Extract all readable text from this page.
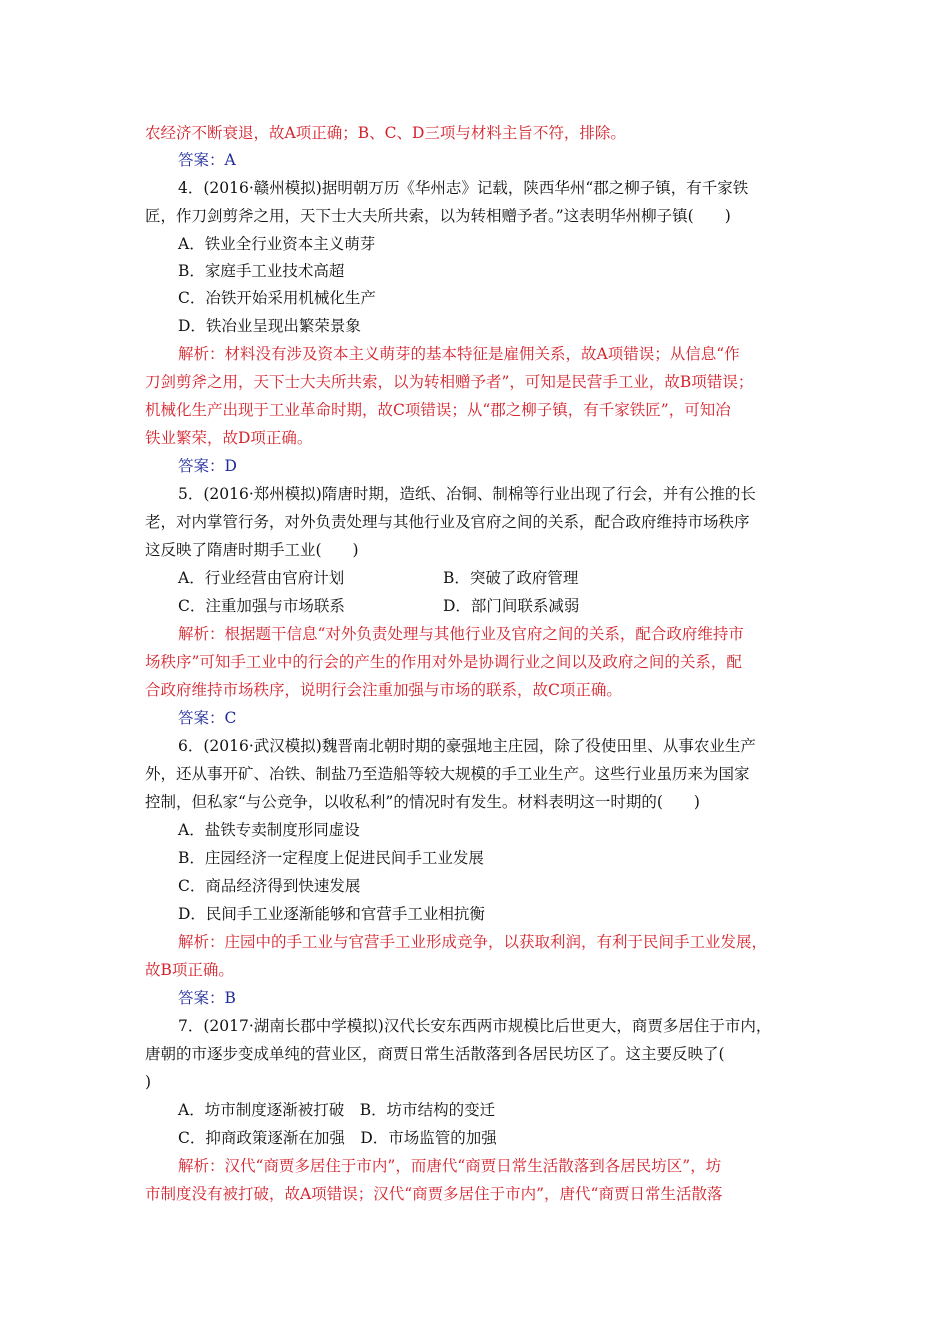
农经济不断衰退，故A项正确；B、C、D三项与材料主旨不符，排除。
答案：A
4．(2016·赣州模拟)据明朝万历《华州志》记载，陕西华州“郡之柳子镇，有千家铁
匠，作刀剑剪斧之用，天下士大夫所共索，以为转相赠予者。”这表明华州柳子镇(　　)
A．铁业全行业资本主义萌芽
B．家庭手工业技术高超
C．冶铁开始采用机械化生产
D．铁冶业呈现出繁荣景象
解析：材料没有涉及资本主义萌芽的基本特征是雇佣关系，故A项错误；从信息“作
刀剑剪斧之用，天下士大夫所共索，以为转相赠予者”，可知是民营手工业，故B项错误；
机械化生产出现于工业革命时期，故C项错误；从“郡之柳子镇，有千家铁匠”，可知冶
铁业繁荣，故D项正确。
答案：D
5．(2016·郑州模拟)隋唐时期，造纸、冶铜、制棉等行业出现了行会，并有公推的长
老，对内掌管行务，对外负责处理与其他行业及官府之间的关系，配合政府维持市场秩序
这反映了隋唐时期手工业(　　)
A．行业经营由官府计划	B．突破了政府管理
C．注重加强与市场联系	D．部门间联系减弱
解析：根据题干信息“对外负责处理与其他行业及官府之间的关系，配合政府维持市
场秩序”可知手工业中的行会的产生的作用对外是协调行业之间以及政府之间的关系，配
合政府维持市场秩序，说明行会注重加强与市场的联系，故C项正确。
答案：C
6．(2016·武汉模拟)魏晋南北朝时期的豪强地主庄园，除了役使田里、从事农业生产
外，还从事开矿、冶铁、制盐乃至造船等较大规模的手工业生产。这些行业虽历来为国家
控制，但私家“与公竞争，以收私利”的情况时有发生。材料表明这一时期的(　　)
A．盐铁专卖制度形同虚设
B．庄园经济一定程度上促进民间手工业发展
C．商品经济得到快速发展
D．民间手工业逐渐能够和官营手工业相抗衡
解析：庄园中的手工业与官营手工业形成竞争，以获取利润，有利于民间手工业发展，
故B项正确。
答案：B
7．(2017·湖南长郡中学模拟)汉代长安东西两市规模比后世更大，商贾多居住于市内，
唐朝的市逐步变成单纯的营业区，商贾日常生活散落到各居民坊区了。这主要反映了(
)
A．坊市制度逐渐被打破　B．坊市结构的变迁
C．抑商政策逐渐在加强　D．市场监管的加强
解析：汉代“商贾多居住于市内”，而唐代“商贾日常生活散落到各居民坊区”，坊
市制度没有被打破，故A项错误；汉代“商贾多居住于市内”，唐代“商贾日常生活散落
